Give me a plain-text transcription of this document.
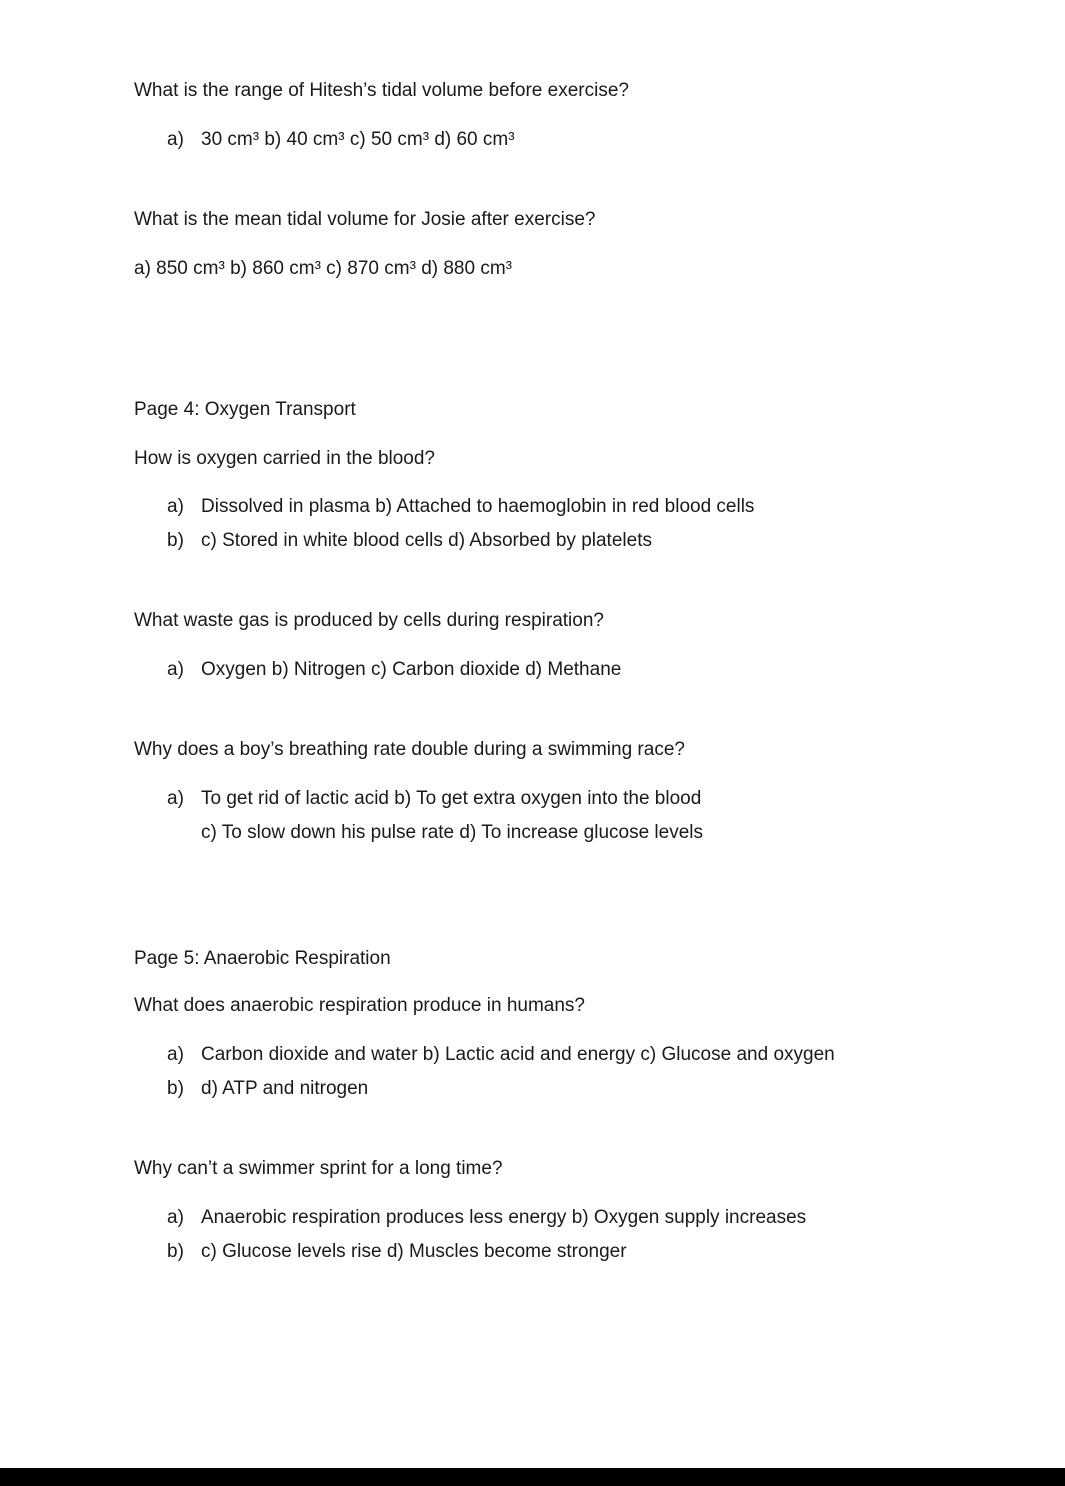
What is the range of Hitesh’s tidal volume before exercise?
a) 30 cm³ b) 40 cm³ c) 50 cm³ d) 60 cm³
What is the mean tidal volume for Josie after exercise?
a) 850 cm³ b) 860 cm³ c) 870 cm³ d) 880 cm³
Page 4: Oxygen Transport
How is oxygen carried in the blood?
a) Dissolved in plasma b) Attached to haemoglobin in red blood cells
b) c) Stored in white blood cells d) Absorbed by platelets
What waste gas is produced by cells during respiration?
a) Oxygen b) Nitrogen c) Carbon dioxide d) Methane
Why does a boy’s breathing rate double during a swimming race?
a) To get rid of lactic acid b) To get extra oxygen into the blood
c) To slow down his pulse rate d) To increase glucose levels
Page 5: Anaerobic Respiration
What does anaerobic respiration produce in humans?
a) Carbon dioxide and water b) Lactic acid and energy c) Glucose and oxygen
b) d) ATP and nitrogen
Why can’t a swimmer sprint for a long time?
a) Anaerobic respiration produces less energy b) Oxygen supply increases
b) c) Glucose levels rise d) Muscles become stronger
